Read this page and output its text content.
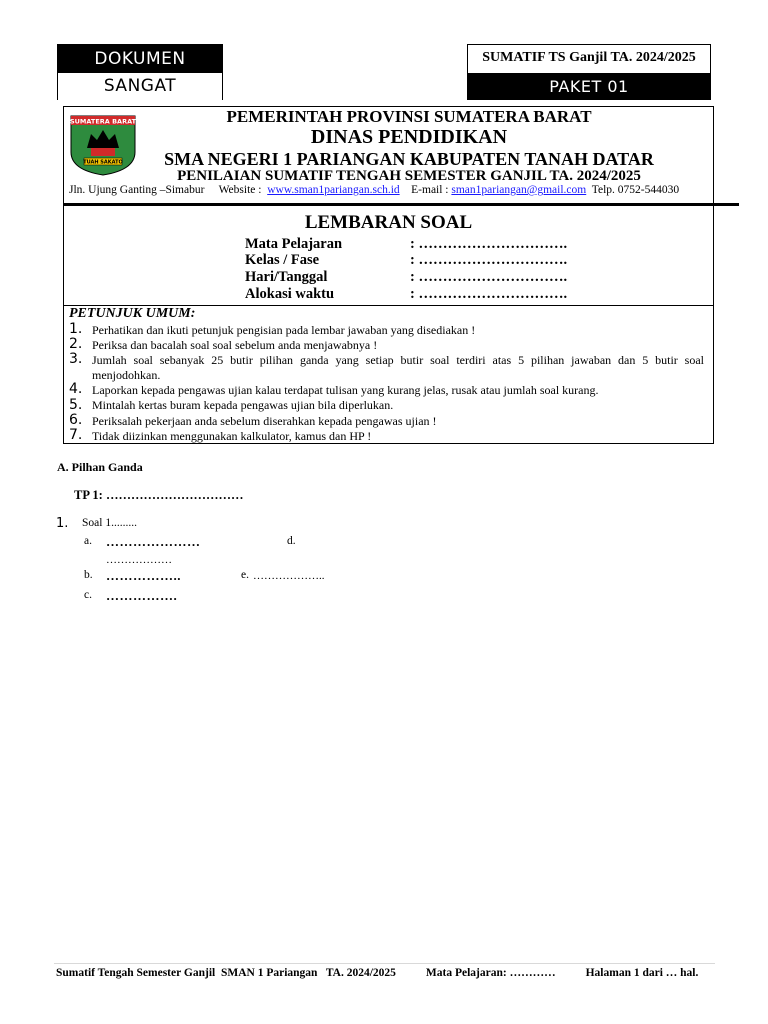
DOKUMEN
SANGAT
SUMATIF TS Ganjil TA. 2024/2025
PAKET 01
SUMATERA BARAT
TUAH SAKATO
PEMERINTAH PROVINSI SUMATERA BARAT
DINAS PENDIDIKAN
SMA NEGERI 1 PARIANGAN KABUPATEN TANAH DATAR
PENILAIAN SUMATIF TENGAH SEMESTER GANJIL TA. 2024/2025
Jln. Ujung Ganting –Simabur Website : www.sman1pariangan.sch.id E-mail : sman1pariangan@gmail.com Telp. 0752-544030
LEMBARAN SOAL
Mata Pelajaran	: ………………………….
Kelas / Fase	: ………………………….
Hari/Tanggal	: ………………………….
Alokasi waktu	: ………………………….
PETUNJUK UMUM:
1. Perhatikan dan ikuti petunjuk pengisian pada lembar jawaban yang disediakan !
2. Periksa dan bacalah soal soal sebelum anda menjawabnya !
3. Jumlah soal sebanyak 25 butir pilihan ganda yang setiap butir soal terdiri atas 5 pilihan jawaban dan 5 butir soal
menjodohkan.
4. Laporkan kepada pengawas ujian kalau terdapat tulisan yang kurang jelas, rusak atau jumlah soal kurang.
5. Mintalah kertas buram kepada pengawas ujian bila diperlukan.
6. Periksalah pekerjaan anda sebelum diserahkan kepada pengawas ujian !
7. Tidak diizinkan menggunakan kalkulator, kamus dan HP !
A. Pilhan Ganda
TP 1: ……………………………
1. Soal 1.........
a. …………………	d.
………………
b. ……………..	e. ………………..
c. …………….
Sumatif Tengah Semester Ganjil  SMAN 1 Pariangan   TA. 2024/2025	Mata Pelajaran: …………	Halaman 1 dari … hal.
